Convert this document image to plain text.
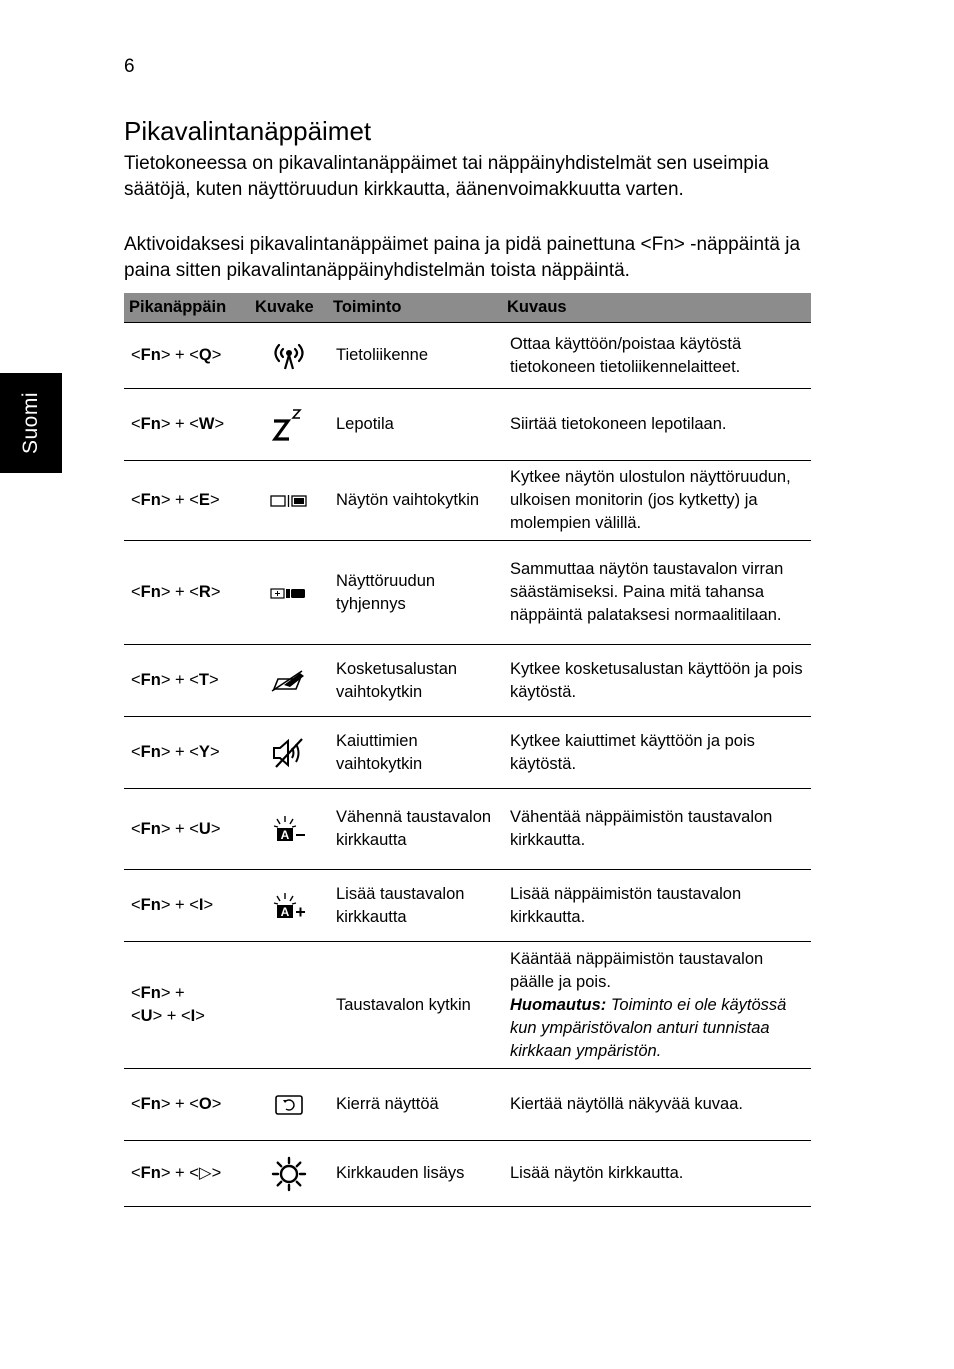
6
Suomi
Pikavalintanäppäimet

Tietokoneessa on pikavalintanäppäimet tai näppäinyhdistelmät sen useimpia säätöjä, kuten näyttöruudun kirkkautta, äänenvoimakkuutta varten.

Aktivoidaksesi pikavalintanäppäimet paina ja pidä painettuna <Fn> -näppäintä ja paina sitten pikavalintanäppäinyhdistelmän toista näppäintä.

Pikanäppäin	Kuvake	Toiminto	Kuvaus
<Fn> + <Q>		Tietoliikenne	Ottaa käyttöön/poistaa käytöstä tietokoneen tietoliikennelaitteet.
<Fn> + <W>		Lepotila	Siirtää tietokoneen lepotilaan.
<Fn> + <E>		Näytön vaihtokytkin	Kytkee näytön ulostulon näyttöruudun, ulkoisen monitorin (jos kytketty) ja molempien välillä.
<Fn> + <R>		Näyttöruudun tyhjennys	Sammuttaa näytön taustavalon virran säästämiseksi. Paina mitä tahansa näppäintä palataksesi normaalitilaan.
<Fn> + <T>		Kosketusalustan vaihtokytkin	Kytkee kosketusalustan käyttöön ja pois käytöstä.
<Fn> + <Y>		Kaiuttimien vaihtokytkin	Kytkee kaiuttimet käyttöön ja pois käytöstä.
<Fn> + <U>	A	Vähennä taustavalon kirkkautta	Vähentää näppäimistön taustavalon kirkkautta.
<Fn> + <I>	A	Lisää taustavalon kirkkautta	Lisää näppäimistön taustavalon kirkkautta.
<Fn> +
<U> + <I>		Taustavalon kytkin	Kääntää näppäimistön taustavalon päälle ja pois.
Huomautus: Toiminto ei ole käytössä kun ympäristövalon anturi tunnistaa kirkkaan ympäristön.
<Fn> + <O>		Kierrä näyttöä	Kiertää näytöllä näkyvää kuvaa.
<Fn> + <▷>		Kirkkauden lisäys	Lisää näytön kirkkautta.
